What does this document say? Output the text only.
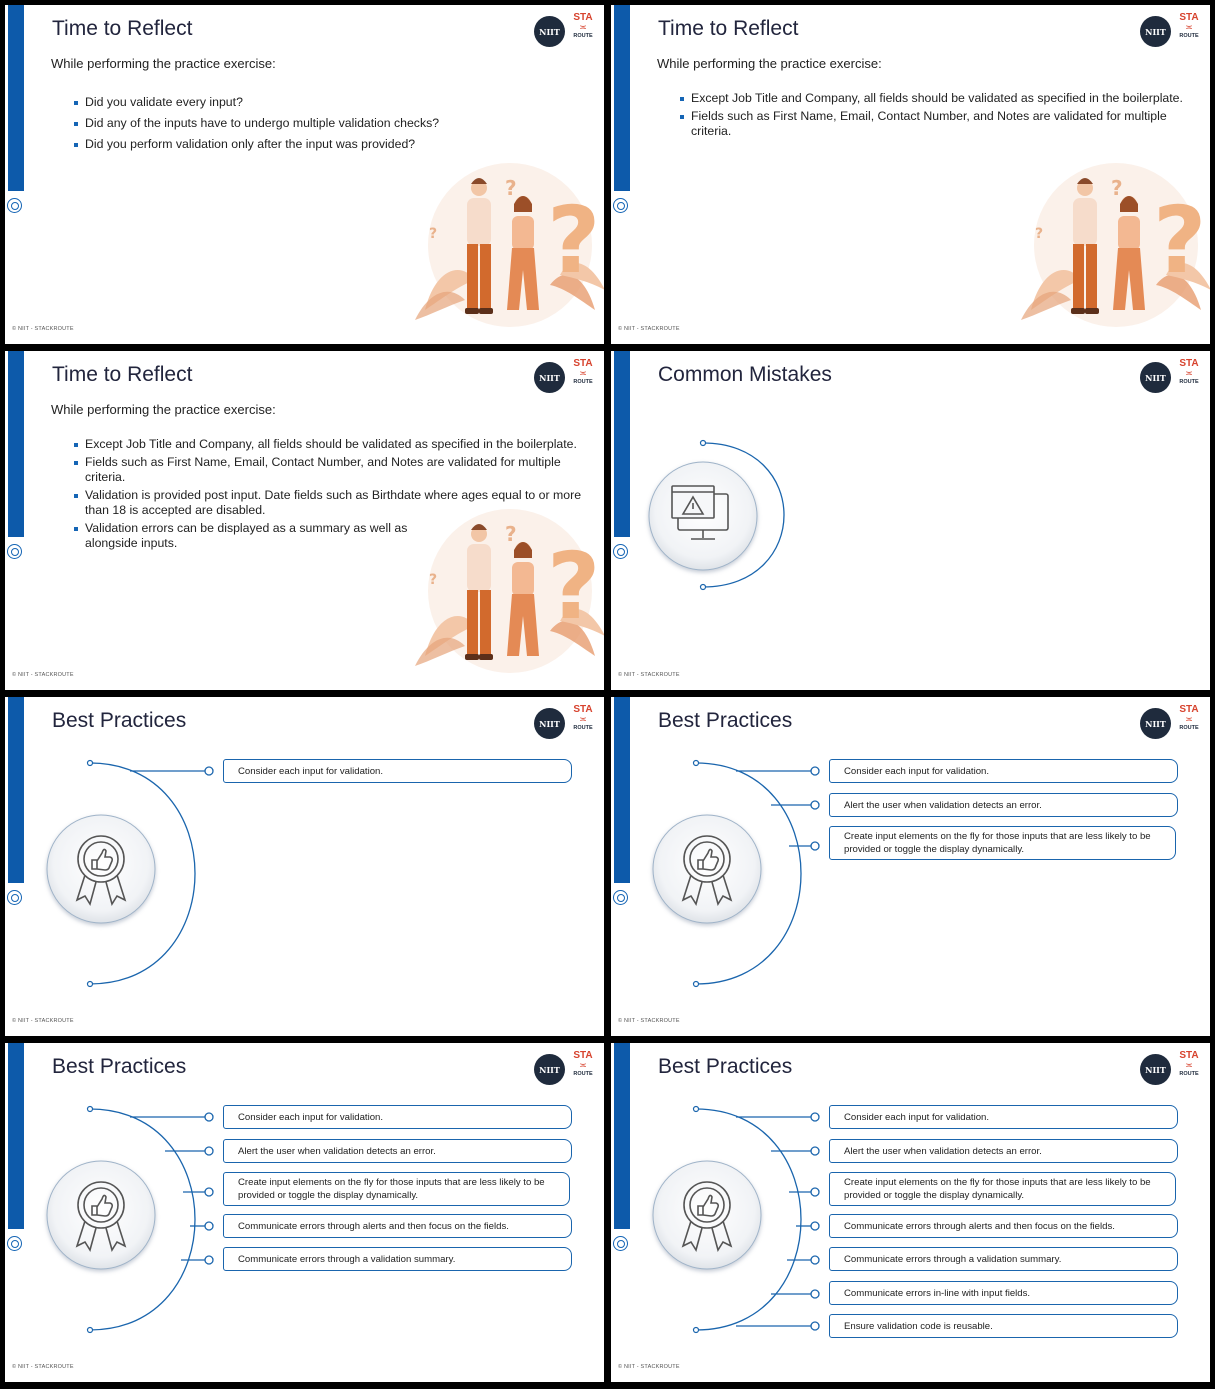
Time to Reflect	NIIT
STA
≍
ROUTE
While performing the practice exercise:
Did you validate every input?
Did any of the inputs have to undergo multiple validation checks?
Did you perform validation only after the input was provided?
© NIIT - STACKROUTE
Time to Reflect	NIIT
STA
≍
ROUTE
While performing the practice exercise:
Except Job Title and Company, all fields should be validated as specified in the boilerplate.
Fields such as First Name, Email, Contact Number, and Notes are validated for multiple criteria.
© NIIT - STACKROUTE
Time to Reflect	NIIT
STA
≍
ROUTE
While performing the practice exercise:
Except Job Title and Company, all fields should be validated as specified in the boilerplate.
Fields such as First Name, Email, Contact Number, and Notes are validated for multiple criteria.
Validation is provided post input. Date fields such as Birthdate where ages equal to or more than 18 is accepted are disabled.
Validation errors can be displayed as a summary as well as alongside inputs.
© NIIT - STACKROUTE
Common Mistakes	NIIT
STA
≍
ROUTE
© NIIT - STACKROUTE
Best Practices	NIIT
STA
≍
ROUTE
Consider each input for validation.
© NIIT - STACKROUTE
Best Practices	NIIT
STA
≍
ROUTE
Consider each input for validation.
Alert the user when validation detects an error.
Create input elements on the fly for those inputs that are less likely to be provided or toggle the display dynamically.
© NIIT - STACKROUTE
Best Practices	NIIT
STA
≍
ROUTE
Consider each input for validation.
Alert the user when validation detects an error.
Create input elements on the fly for those inputs that are less likely to be provided or toggle the display dynamically.
Communicate errors through alerts and then focus on the fields.
Communicate errors through a validation summary.
© NIIT - STACKROUTE
Best Practices	NIIT
STA
≍
ROUTE
Consider each input for validation.
Alert the user when validation detects an error.
Create input elements on the fly for those inputs that are less likely to be provided or toggle the display dynamically.
Communicate errors through alerts and then focus on the fields.
Communicate errors through a validation summary.
Communicate errors in-line with input fields.
Ensure validation code is reusable.
© NIIT - STACKROUTE
